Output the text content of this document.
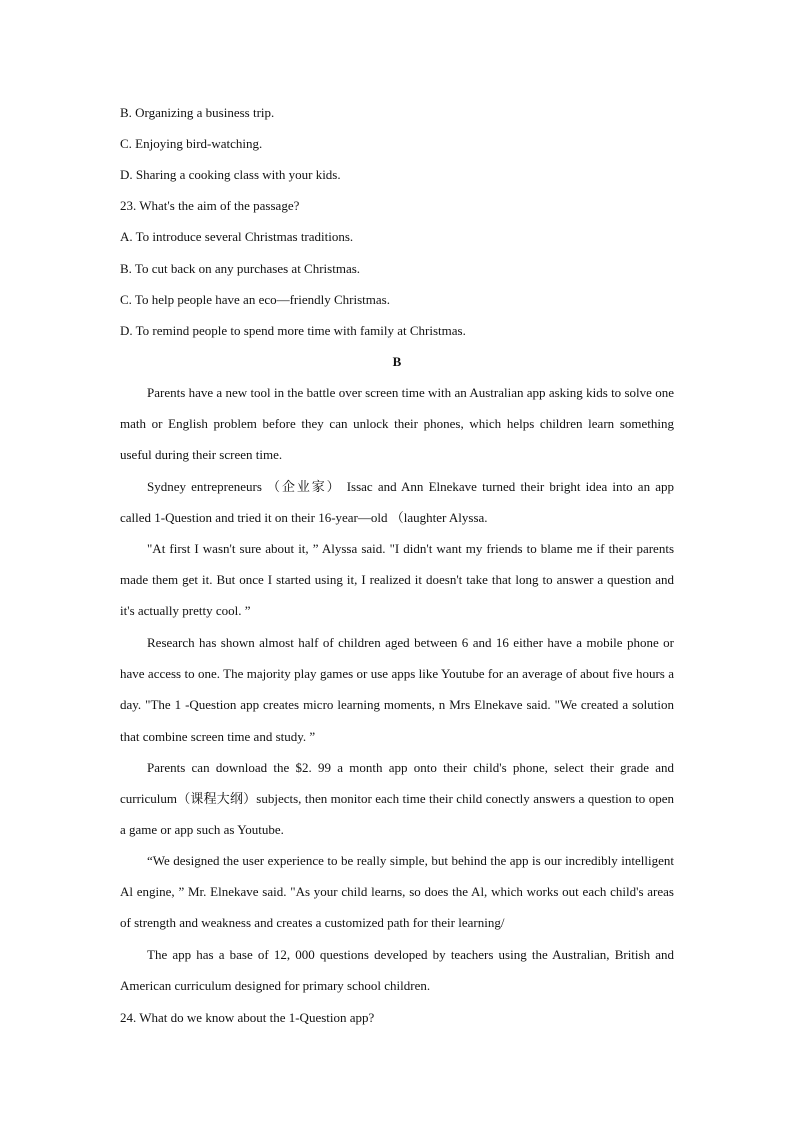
B. Organizing a business trip.
C. Enjoying bird-watching.
D. Sharing a cooking class with your kids.
23. What's the aim of the passage?
A. To introduce several Christmas traditions.
B. To cut back on any purchases at Christmas.
C. To help people have an eco—friendly Christmas.
D. To remind people to spend more time with family at Christmas.
B

Parents have a new tool in the battle over screen time with an Australian app asking kids to solve one math or English problem before they can unlock their phones, which helps children learn something useful during their screen time.

Sydney entrepreneurs （企业家） Issac and Ann Elnekave turned their bright idea into an app called 1-Question and tried it on their 16-year—old （laughter Alyssa.

"At first I wasn't sure about it, ” Alyssa said. "I didn't want my friends to blame me if their parents made them get it. But once I started using it, I realized it doesn't take that long to answer a question and it's actually pretty cool. ”

Research has shown almost half of children aged between 6 and 16 either have a mobile phone or have access to one. The majority play games or use apps like Youtube for an average of about five hours a day. "The 1 -Question app creates micro learning moments, n Mrs Elnekave said. "We created a solution that combine screen time and study. ”

Parents can download the $2. 99 a month app onto their child's phone, select their grade and curriculum（课程大纲）subjects, then monitor each time their child conectly answers a question to open a game or app such as Youtube.

“We designed the user experience to be really simple, but behind the app is our incredibly intelligent Al engine, ” Mr. Elnekave said. "As your child learns, so does the Al, which works out each child's areas of strength and weakness and creates a customized path for their learning/

The app has a base of 12, 000 questions developed by teachers using the Australian, British and American curriculum designed for primary school children.

24. What do we know about the 1-Question app?
